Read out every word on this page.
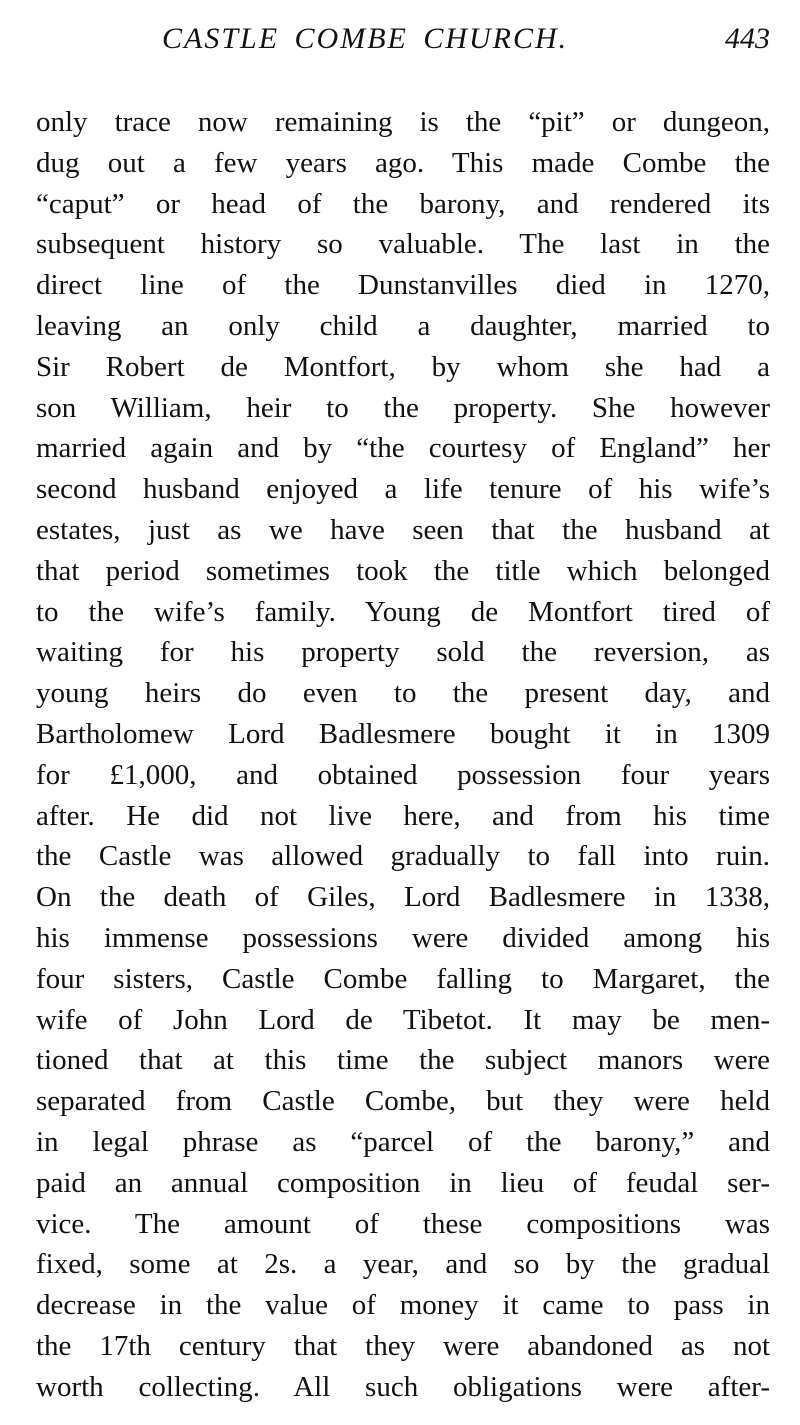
CASTLE COMBE CHURCH.	443
only trace now remaining is the “pit” or dungeon,
dug out a few years ago. This made Combe the
“caput” or head of the barony, and rendered its
subsequent history so valuable. The last in the
direct line of the Dunstanvilles died in 1270,
leaving an only child a daughter, married to
Sir Robert de Montfort, by whom she had a
son William, heir to the property. She however
married again and by “the courtesy of England” her
second husband enjoyed a life tenure of his wife’s
estates, just as we have seen that the husband at
that period sometimes took the title which belonged
to the wife’s family. Young de Montfort tired of
waiting for his property sold the reversion, as
young heirs do even to the present day, and
Bartholomew Lord Badlesmere bought it in 1309
for £1,000, and obtained possession four years
after. He did not live here, and from his time
the Castle was allowed gradually to fall into ruin.
On the death of Giles, Lord Badlesmere in 1338,
his immense possessions were divided among his
four sisters, Castle Combe falling to Margaret, the
wife of John Lord de Tibetot. It may be men-
tioned that at this time the subject manors were
separated from Castle Combe, but they were held
in legal phrase as “parcel of the barony,” and
paid an annual composition in lieu of feudal ser-
vice. The amount of these compositions was
fixed, some at 2s. a year, and so by the gradual
decrease in the value of money it came to pass in
the 17th century that they were abandoned as not
worth collecting. All such obligations were after-
